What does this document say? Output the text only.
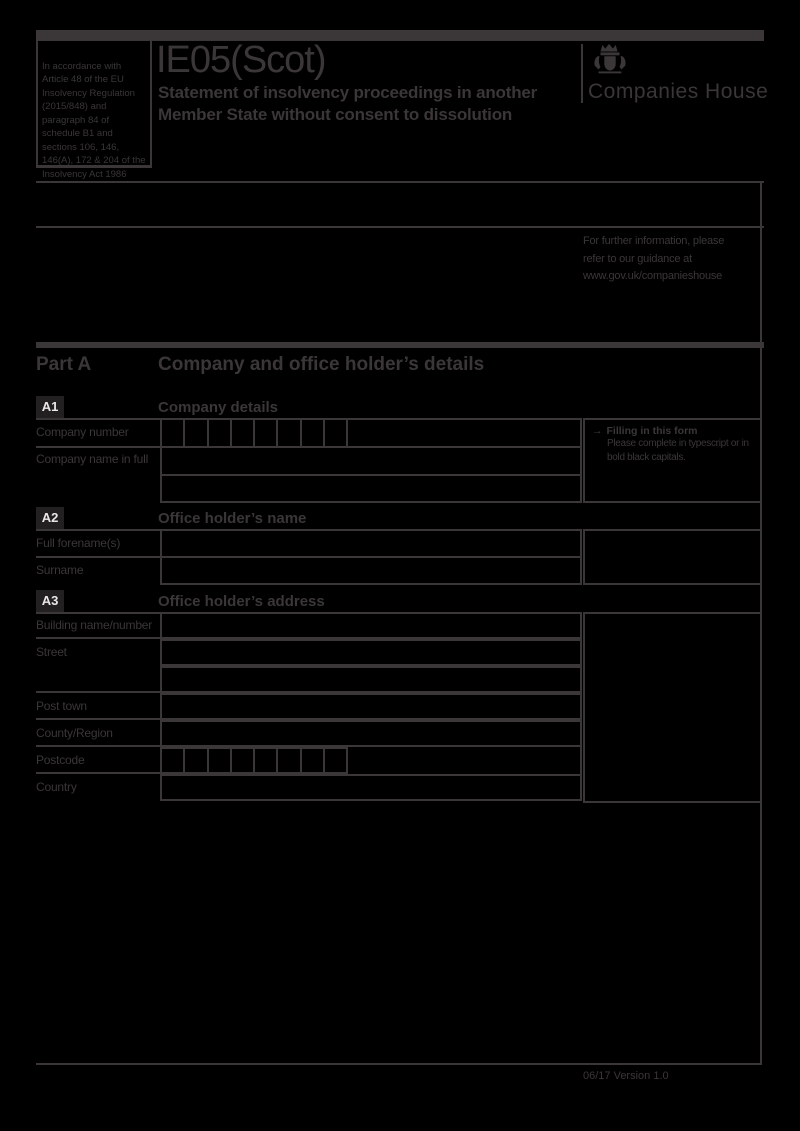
In accordance with
Article 48 of the EU
Insolvency Regulation
(2015/848) and
paragraph 84 of
schedule B1 and
sections 106, 146,
146(A), 172 & 204 of the
Insolvency Act 1986

IE05(Scot)
Statement of insolvency proceedings in another
Member State without consent to dissolution
Companies House
For further information, please
refer to our guidance at
www.gov.uk/companieshouse
Part A	Company and office holder’s details
A1	Company details
Company number
Company name in full
→ Filling in this form
Please complete in typescript or in
bold black capitals.
A2	Office holder’s name
Full forename(s)
Surname
A3	Office holder’s address
Building name/number
Street
Post town
County/Region
Postcode
Country
06/17 Version 1.0
